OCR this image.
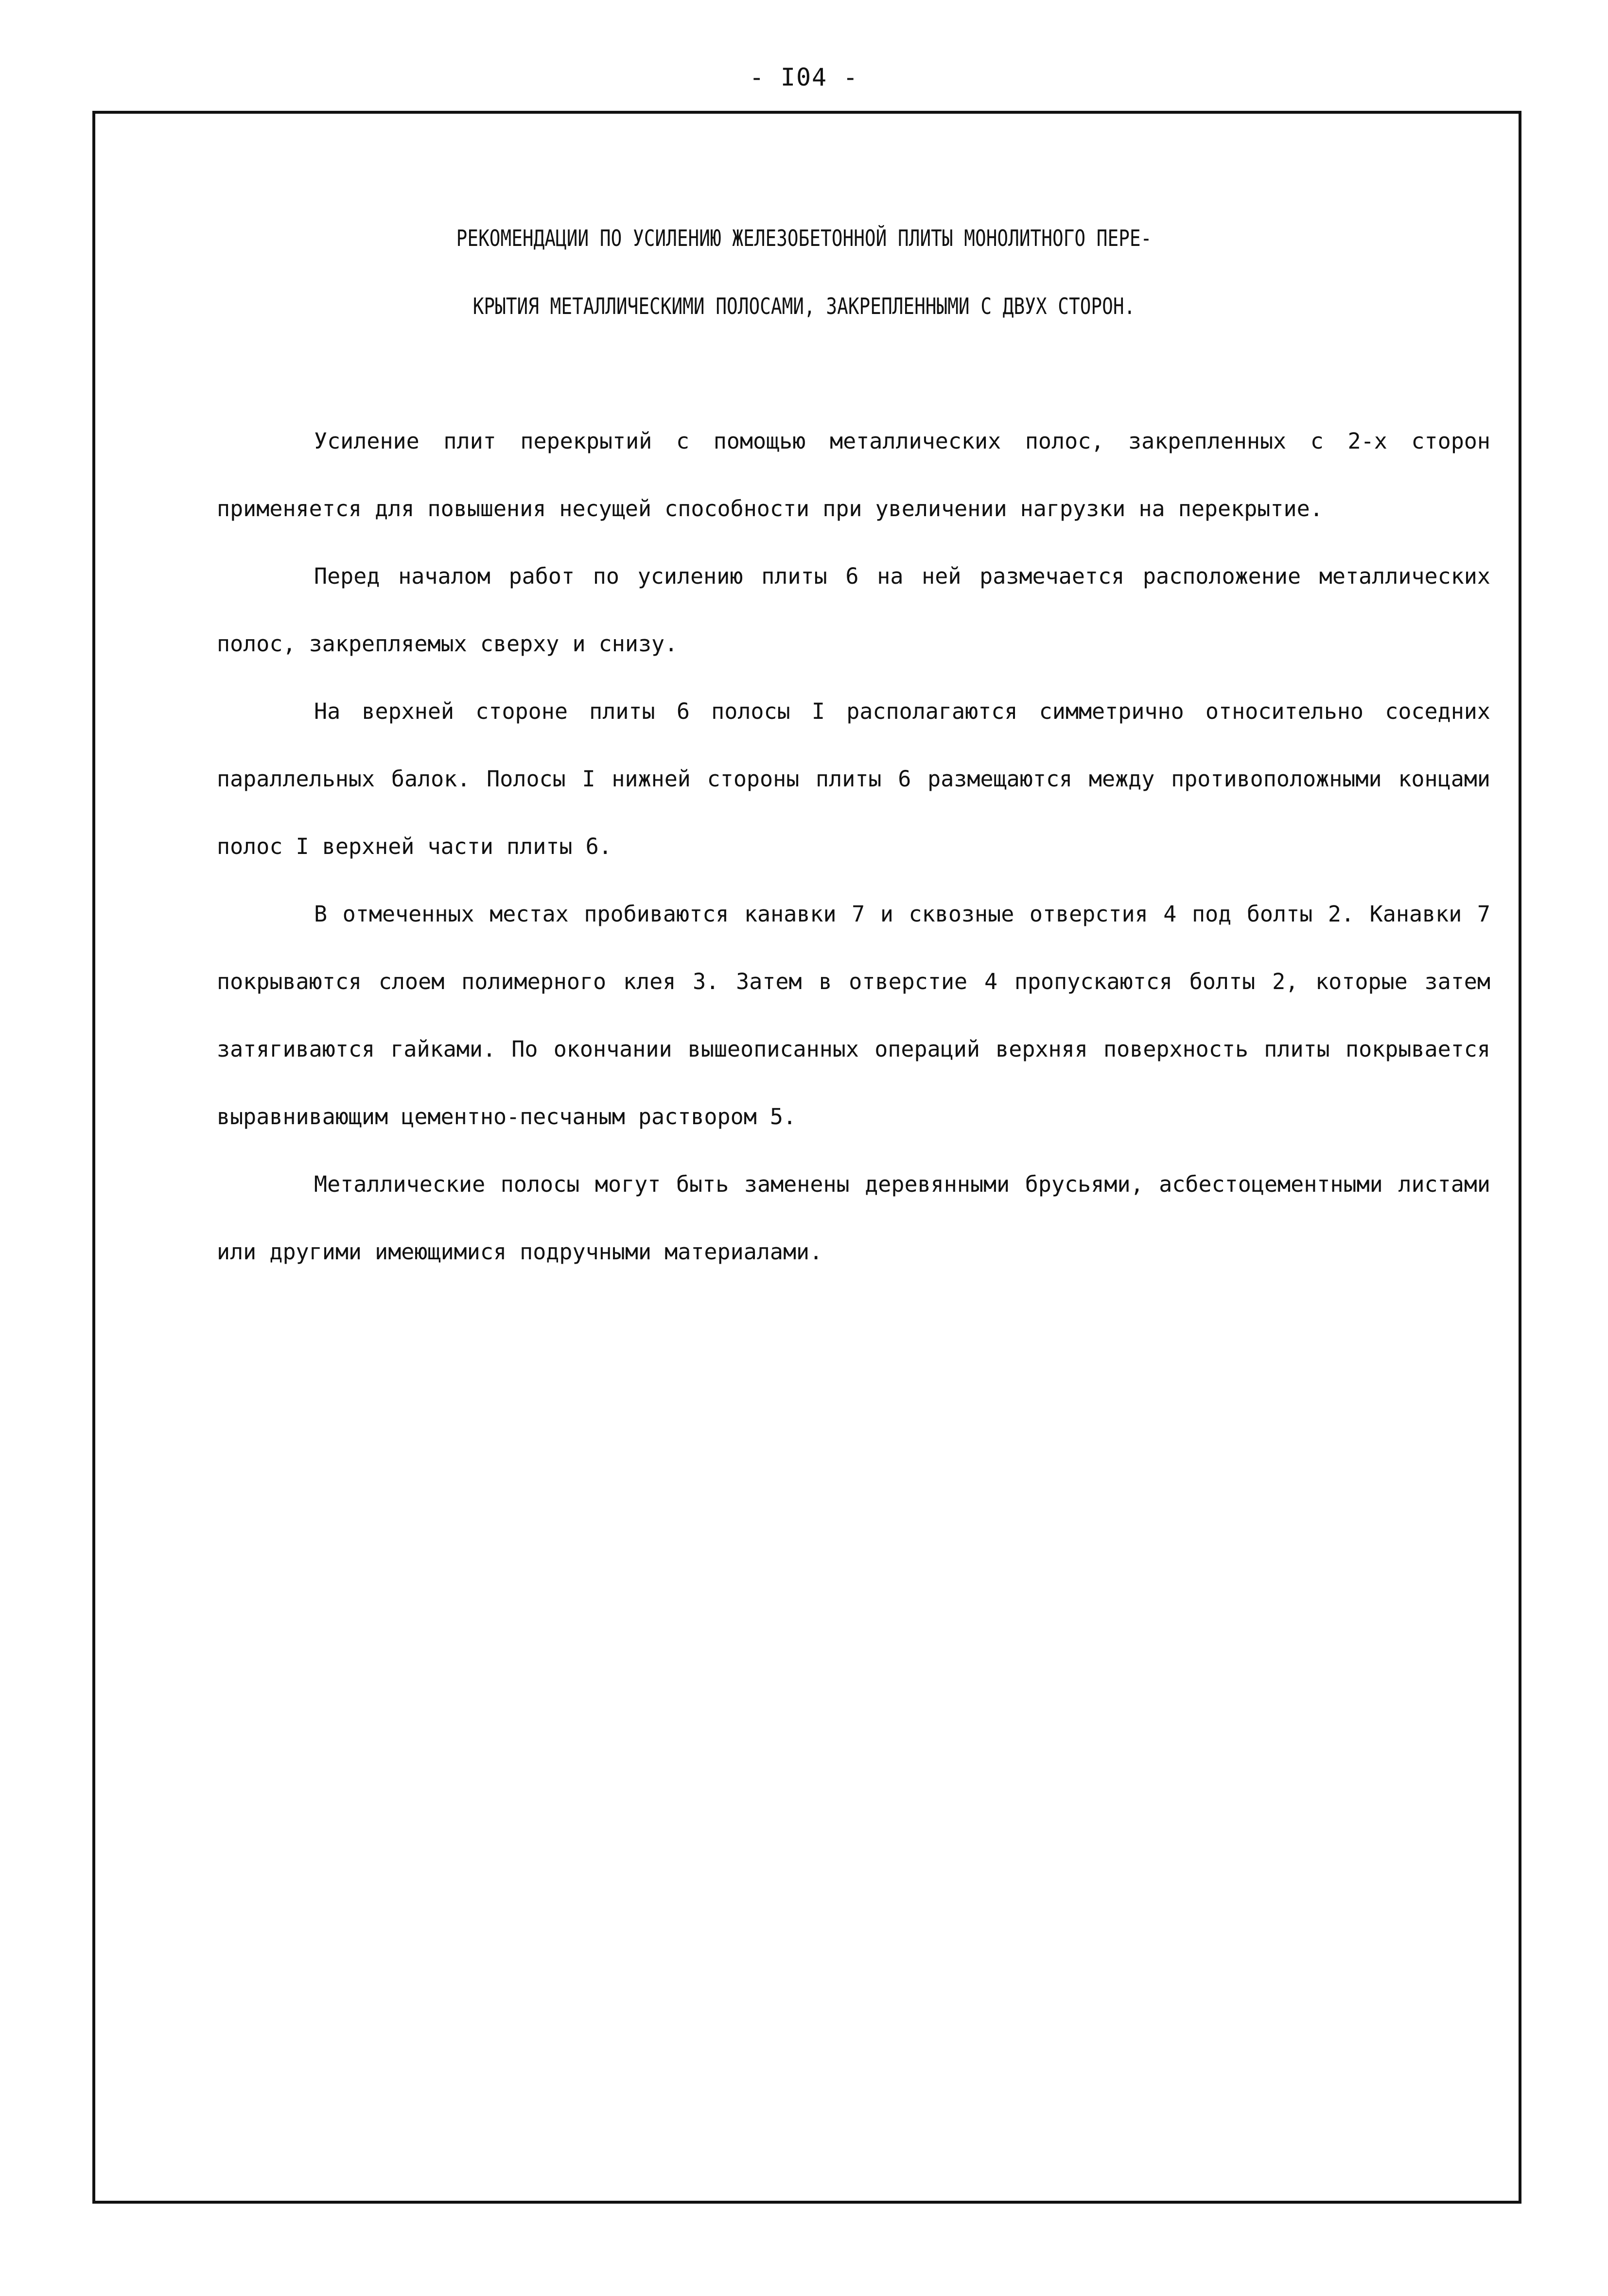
- I04 -
РЕКОМЕНДАЦИИ ПО УСИЛЕНИЮ ЖЕЛЕЗОБЕТОННОЙ ПЛИТЫ МОНОЛИТНОГО ПЕРЕ-
КРЫТИЯ МЕТАЛЛИЧЕСКИМИ ПОЛОСАМИ, ЗАКРЕПЛЕННЫМИ С ДВУХ СТОРОН.

Усиление плит перекрытий с помощью металлических полос, закрепленных с 2-х сторон применяется для повышения несущей способности при увеличении нагрузки на перекрытие.

Перед началом работ по усилению плиты 6 на ней размечается расположение металлических полос, закрепляемых сверху и снизу.

На верхней стороне плиты 6 полосы I располагаются симметрично относительно соседних параллельных балок. Полосы I нижней стороны плиты 6 размещаются между противоположными концами полос I верхней части плиты 6.

В отмеченных местах пробиваются канавки 7 и сквозные отверстия 4 под болты 2. Канавки 7 покрываются слоем полимерного клея 3. Затем в отверстие 4 пропускаются болты 2, которые затем затягиваются гайками. По окончании вышеописанных операций верхняя поверхность плиты покрывается выравнивающим цементно-песчаным раствором 5.

Металлические полосы могут быть заменены деревянными брусьями, асбестоцементными листами или другими имеющимися подручными материалами.
